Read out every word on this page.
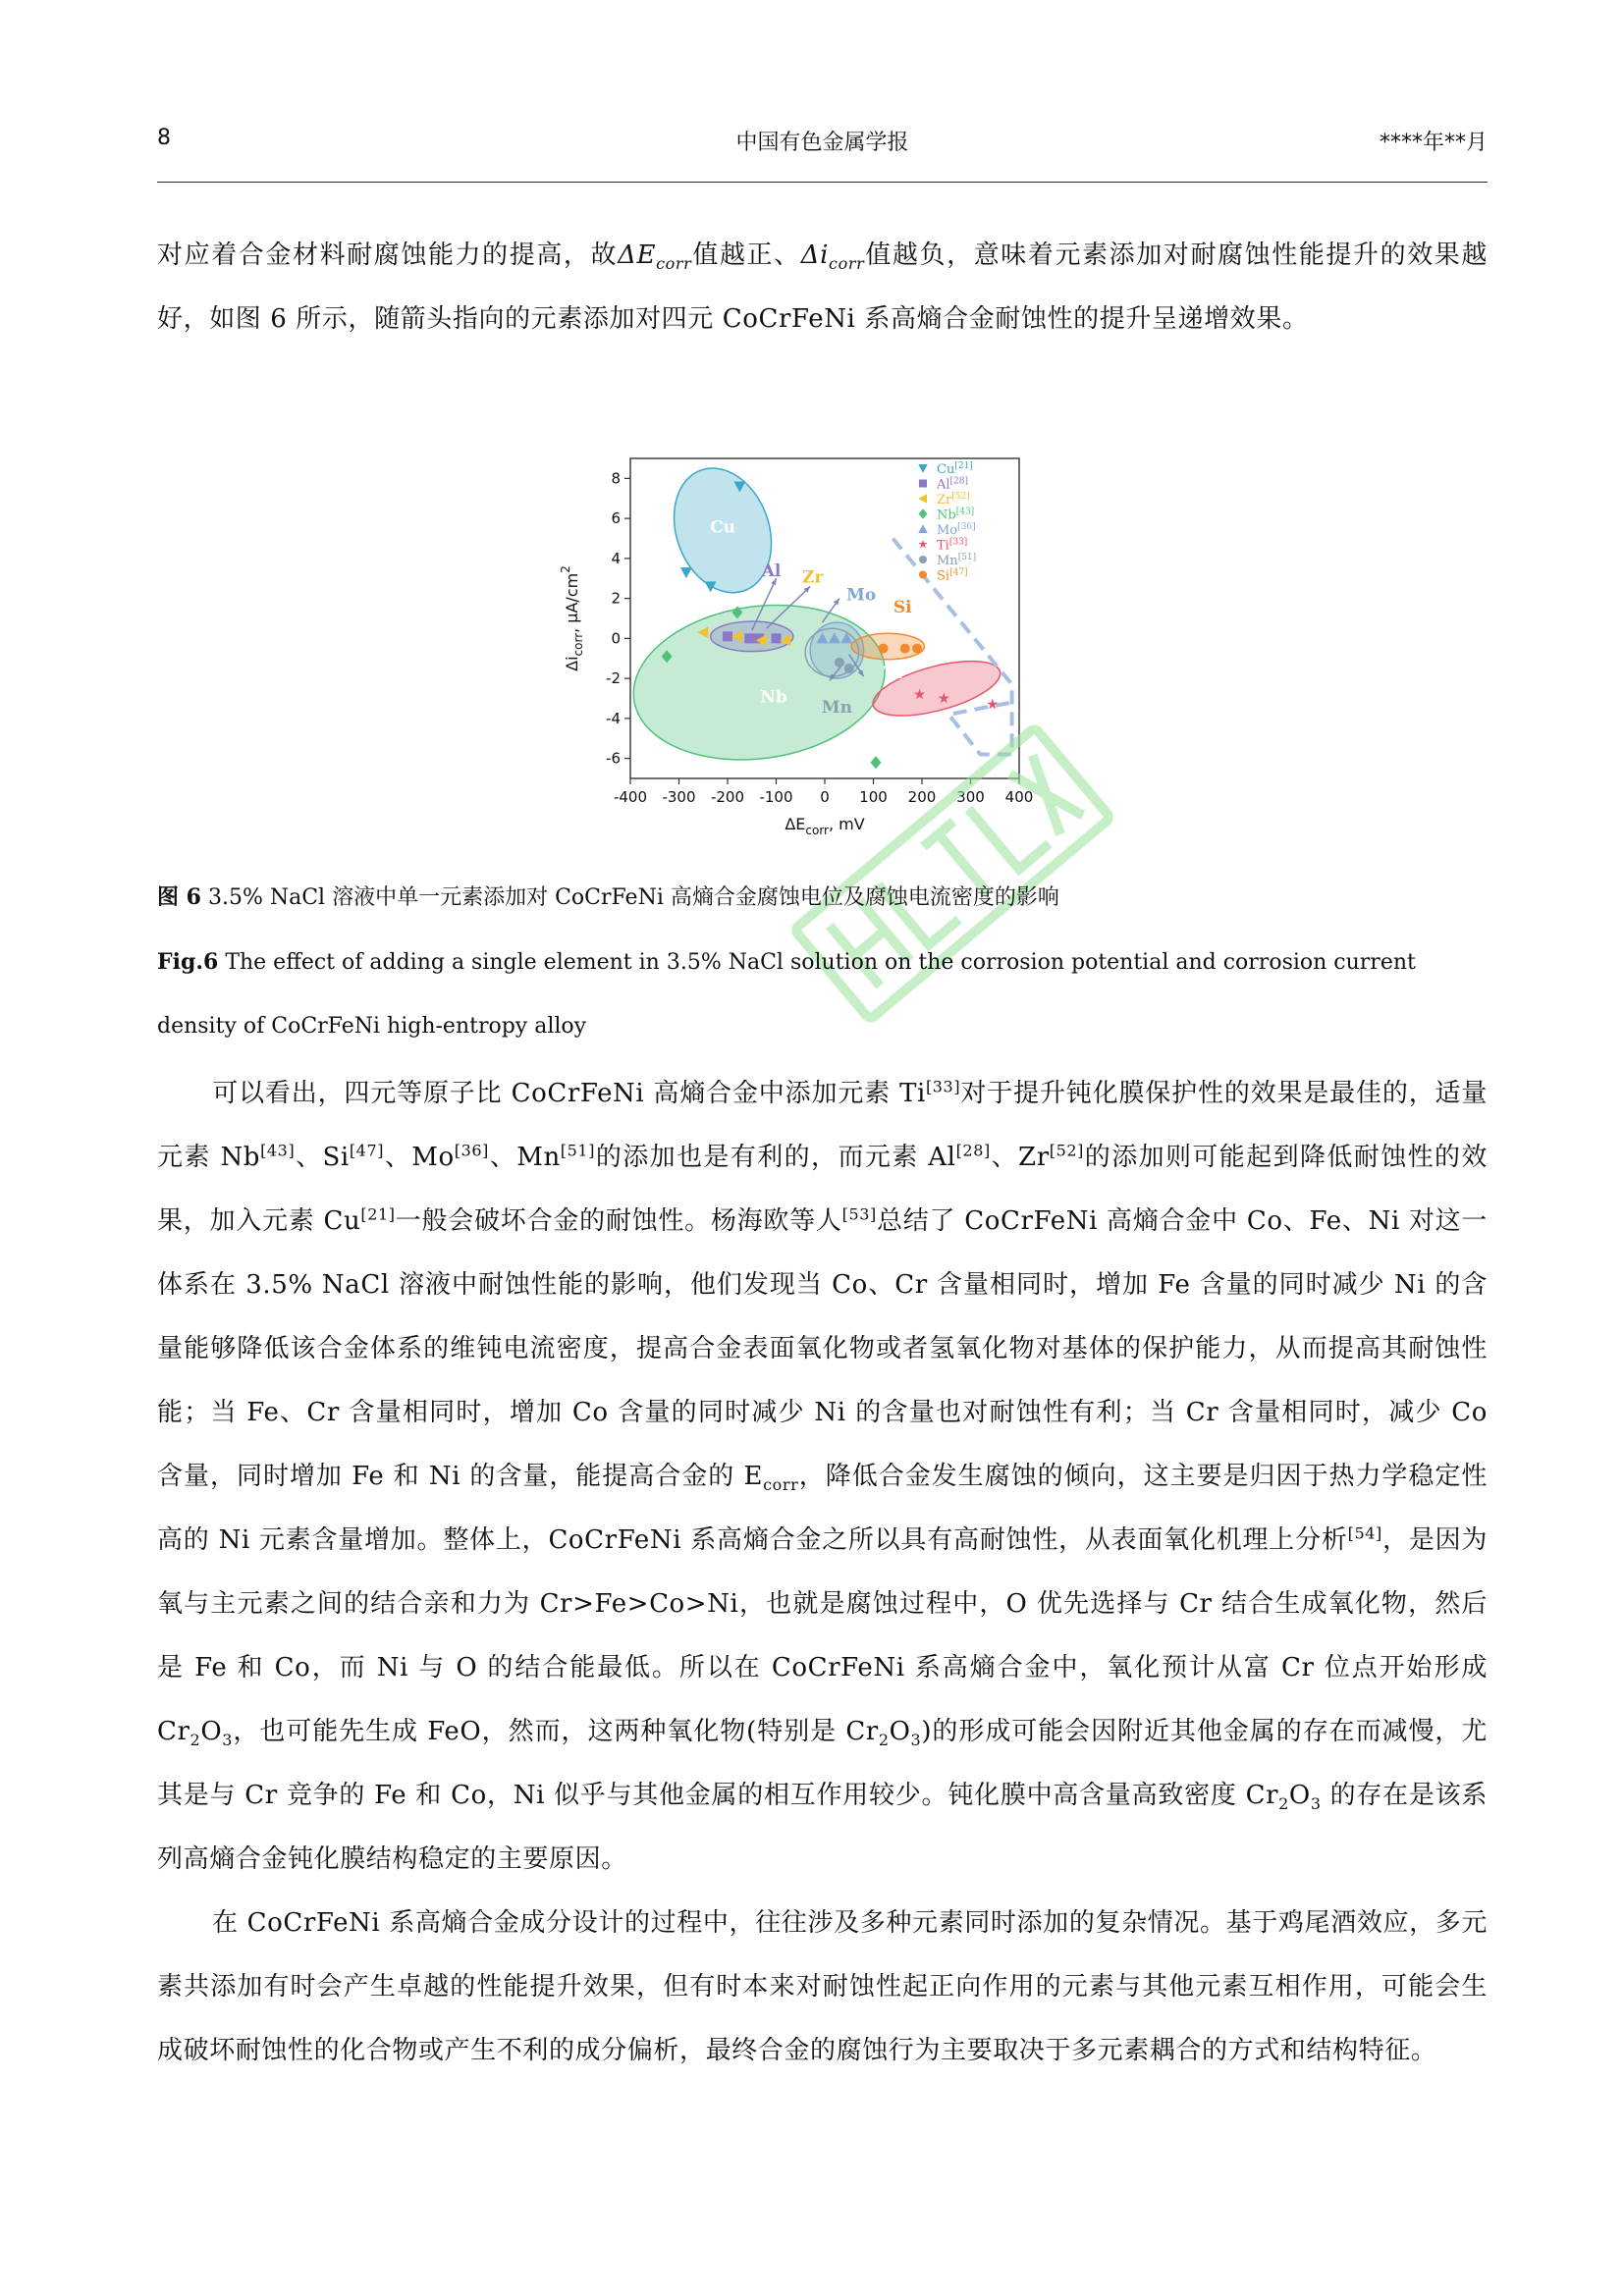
8	中国有色金属学报	****年**月

对应着合金材料耐腐蚀能力的提高，故$\Delta E_{corr}$值越正、$\Delta i_{corr}$值越负，意味着元素添加对耐腐蚀性能提升的效果越好，如图 6 所示，随箭头指向的元素添加对四元 CoCrFeNi 系高熵合金耐蚀性的提升呈递增效果。

-400 -300 -200 -100 0 100 200 300 400
-6
-4
-2
0
2
4
6
8
$\Delta E_{corr}$, mV
$\Delta i_{corr}$, $\mu A/cm^2$
Cu
Al Zr
Nb
Mo
Si
Ti
Mn
Cu[21]
Al[28]
Zr[52]
Nb[43]
Mo[36]
Ti[33]
Mn[51]
Si[47]

图 6 3.5% NaCl 溶液中单一元素添加对 CoCrFeNi 高熵合金腐蚀电位及腐蚀电流密度的影响

Fig.6 The effect of adding a single element in 3.5% NaCl solution on the corrosion potential and corrosion current density of CoCrFeNi high-entropy alloy

可以看出，四元等原子比 CoCrFeNi 高熵合金中添加元素 Ti[33]对于提升钝化膜保护性的效果是最佳的，适量元素 Nb[43]、Si[47]、Mo[36]、Mn[51]的添加也是有利的，而元素 Al[28]、Zr[52]的添加则可能起到降低耐蚀性的效果，加入元素 Cu[21]一般会破坏合金的耐蚀性。杨海欧等人[53]总结了 CoCrFeNi 高熵合金中 Co、Fe、Ni 对这一体系在 3.5% NaCl 溶液中耐蚀性能的影响，他们发现当 Co、Cr 含量相同时，增加 Fe 含量的同时减少 Ni 的含量能够降低该合金体系的维钝电流密度，提高合金表面氧化物或者氢氧化物对基体的保护能力，从而提高其耐蚀性能；当 Fe、Cr 含量相同时，增加 Co 含量的同时减少 Ni 的含量也对耐蚀性有利；当 Cr 含量相同时，减少 Co 含量，同时增加 Fe 和 Ni 的含量，能提高合金的 $E_{corr}$，降低合金发生腐蚀的倾向，这主要是归因于热力学稳定性高的 Ni 元素含量增加。整体上，CoCrFeNi 系高熵合金之所以具有高耐蚀性，从表面氧化机理上分析[54]，是因为氧与主元素之间的结合亲和力为 Cr>Fe>Co>Ni，也就是腐蚀过程中，O 优先选择与 Cr 结合生成氧化物，然后是 Fe 和 Co，而 Ni 与 O 的结合能最低。所以在 CoCrFeNi 系高熵合金中，氧化预计从富 Cr 位点开始形成 $Cr_2O_3$，也可能先生成 FeO，然而，这两种氧化物(特别是 $Cr_2O_3$)的形成可能会因附近其他金属的存在而减慢，尤其是与 Cr 竞争的 Fe 和 Co，Ni 似乎与其他金属的相互作用较少。钝化膜中高含量高致密度 $Cr_2O_3$ 的存在是该系列高熵合金钝化膜结构稳定的主要原因。

在 CoCrFeNi 系高熵合金成分设计的过程中，往往涉及多种元素同时添加的复杂情况。基于鸡尾酒效应，多元素共添加有时会产生卓越的性能提升效果，但有时本来对耐蚀性起正向作用的元素与其他元素互相作用，可能会生成破坏耐蚀性的化合物或产生不利的成分偏析，最终合金的腐蚀行为主要取决于多元素耦合的方式和结构特征。
